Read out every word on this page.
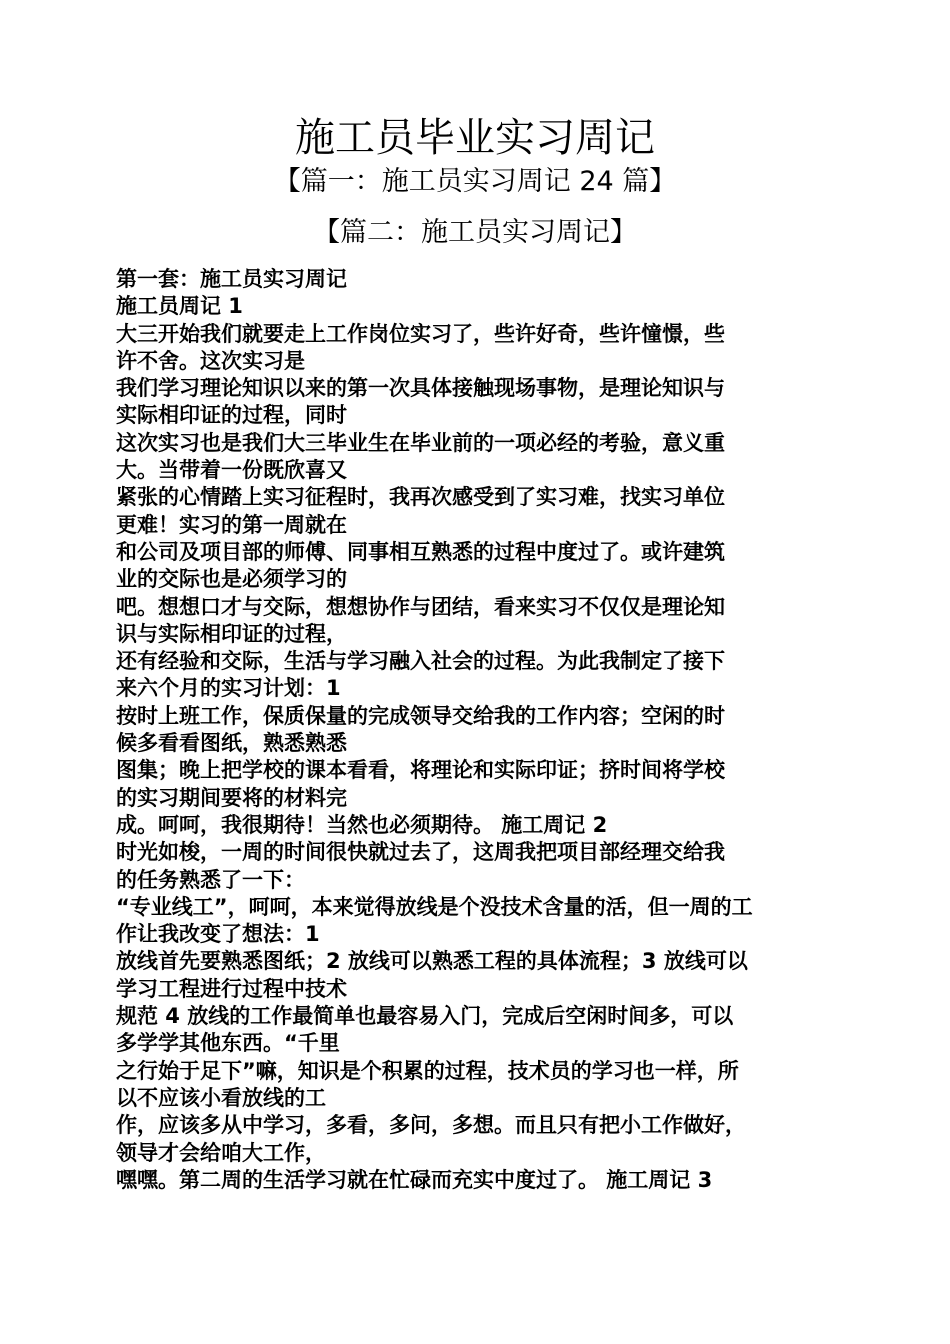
施工员毕业实习周记
【篇一：施工员实习周记 24 篇】
【篇二：施工员实习周记】
第一套：施工员实习周记
施工员周记 1
大三开始我们就要走上工作岗位实习了，些许好奇，些许憧憬，些
许不舍。这次实习是
我们学习理论知识以来的第一次具体接触现场事物，是理论知识与
实际相印证的过程，同时
这次实习也是我们大三毕业生在毕业前的一项必经的考验，意义重
大。当带着一份既欣喜又
紧张的心情踏上实习征程时，我再次感受到了实习难，找实习单位
更难！实习的第一周就在
和公司及项目部的师傅、同事相互熟悉的过程中度过了。或许建筑
业的交际也是必须学习的
吧。想想口才与交际，想想协作与团结，看来实习不仅仅是理论知
识与实际相印证的过程，
还有经验和交际，生活与学习融入社会的过程。为此我制定了接下
来六个月的实习计划：1
按时上班工作，保质保量的完成领导交给我的工作内容；空闲的时
候多看看图纸，熟悉熟悉
图集；晚上把学校的课本看看，将理论和实际印证；挤时间将学校
的实习期间要将的材料完
成。呵呵，我很期待！当然也必须期待。 施工周记 2
时光如梭，一周的时间很快就过去了，这周我把项目部经理交给我
的任务熟悉了一下：
“专业线工”，呵呵，本来觉得放线是个没技术含量的活，但一周的工
作让我改变了想法：1
放线首先要熟悉图纸；2 放线可以熟悉工程的具体流程；3 放线可以
学习工程进行过程中技术
规范 4 放线的工作最简单也最容易入门，完成后空闲时间多，可以
多学学其他东西。“千里
之行始于足下”嘛，知识是个积累的过程，技术员的学习也一样，所
以不应该小看放线的工
作，应该多从中学习，多看，多问，多想。而且只有把小工作做好，
领导才会给咱大工作，
嘿嘿。第二周的生活学习就在忙碌而充实中度过了。 施工周记 3
